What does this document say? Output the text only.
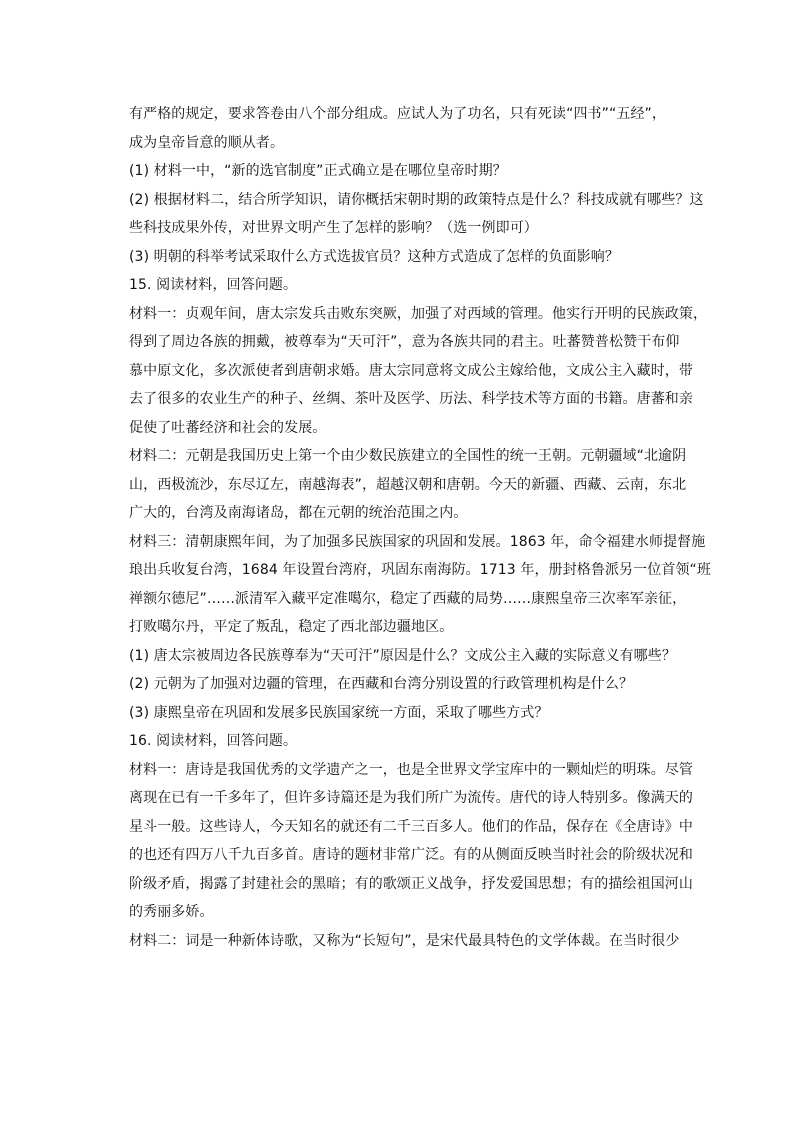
有严格的规定，要求答卷由八个部分组成。应试人为了功名，只有死读“四书”“五经”，
成为皇帝旨意的顺从者。
(1) 材料一中，“新的选官制度”正式确立是在哪位皇帝时期？
(2) 根据材料二，结合所学知识，请你概括宋朝时期的政策特点是什么？科技成就有哪些？这
些科技成果外传，对世界文明产生了怎样的影响？（选一例即可）
(3) 明朝的科举考试采取什么方式选拔官员？这种方式造成了怎样的负面影响？
15. 阅读材料，回答问题。
材料一：贞观年间，唐太宗发兵击败东突厥，加强了对西域的管理。他实行开明的民族政策，
得到了周边各族的拥戴，被尊奉为“天可汗”，意为各族共同的君主。吐蕃赞普松赞干布仰
慕中原文化，多次派使者到唐朝求婚。唐太宗同意将文成公主嫁给他，文成公主入藏时，带
去了很多的农业生产的种子、丝绸、茶叶及医学、历法、科学技术等方面的书籍。唐蕃和亲
促使了吐蕃经济和社会的发展。
材料二：元朝是我国历史上第一个由少数民族建立的全国性的统一王朝。元朝疆域“北逾阴
山，西极流沙，东尽辽左，南越海表”，超越汉朝和唐朝。今天的新疆、西藏、云南，东北
广大的，台湾及南海诸岛，都在元朝的统治范围之内。
材料三：清朝康熙年间，为了加强多民族国家的巩固和发展。1863 年，命令福建水师提督施
琅出兵收复台湾，1684 年设置台湾府，巩固东南海防。1713 年，册封格鲁派另一位首领“班
禅额尔德尼”……派清军入藏平定准噶尔，稳定了西藏的局势……康熙皇帝三次率军亲征，
打败噶尔丹，平定了叛乱，稳定了西北部边疆地区。
(1) 唐太宗被周边各民族尊奉为“天可汗”原因是什么？文成公主入藏的实际意义有哪些？
(2) 元朝为了加强对边疆的管理，在西藏和台湾分别设置的行政管理机构是什么？
(3) 康熙皇帝在巩固和发展多民族国家统一方面，采取了哪些方式？
16. 阅读材料，回答问题。
材料一：唐诗是我国优秀的文学遗产之一，也是全世界文学宝库中的一颗灿烂的明珠。尽管
离现在已有一千多年了，但许多诗篇还是为我们所广为流传。唐代的诗人特别多。像满天的
星斗一般。这些诗人，今天知名的就还有二千三百多人。他们的作品，保存在《全唐诗》中
的也还有四万八千九百多首。唐诗的题材非常广泛。有的从侧面反映当时社会的阶级状况和
阶级矛盾，揭露了封建社会的黑暗；有的歌颂正义战争，抒发爱国思想；有的描绘祖国河山
的秀丽多娇。
材料二：词是一种新体诗歌，又称为“长短句”，是宋代最具特色的文学体裁。在当时很少
